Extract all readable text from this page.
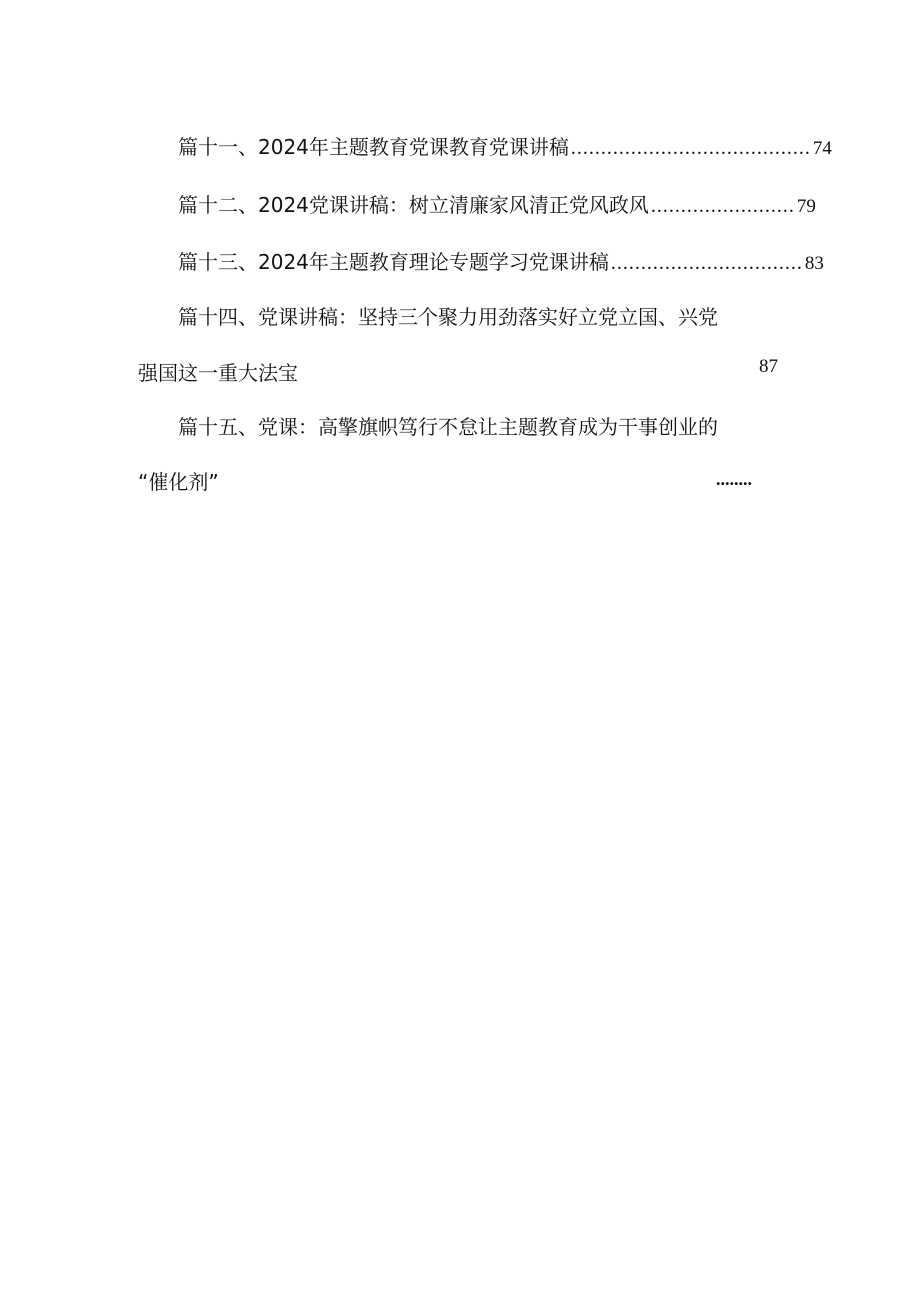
篇十一、2024年主题教育党课教育党课讲稿 ........................................ 74
篇十二、2024党课讲稿：树立清廉家风清正党风政风 ........................ 79
篇十三、2024年主题教育理论专题学习党课讲稿 ................................ 83
篇十四、党课讲稿：坚持三个聚力用劲落实好立党立国、兴党
强国这一重大法宝	87
篇十五、党课：高擎旗帜笃行不怠让主题教育成为干事创业的
“催化剂”	........
